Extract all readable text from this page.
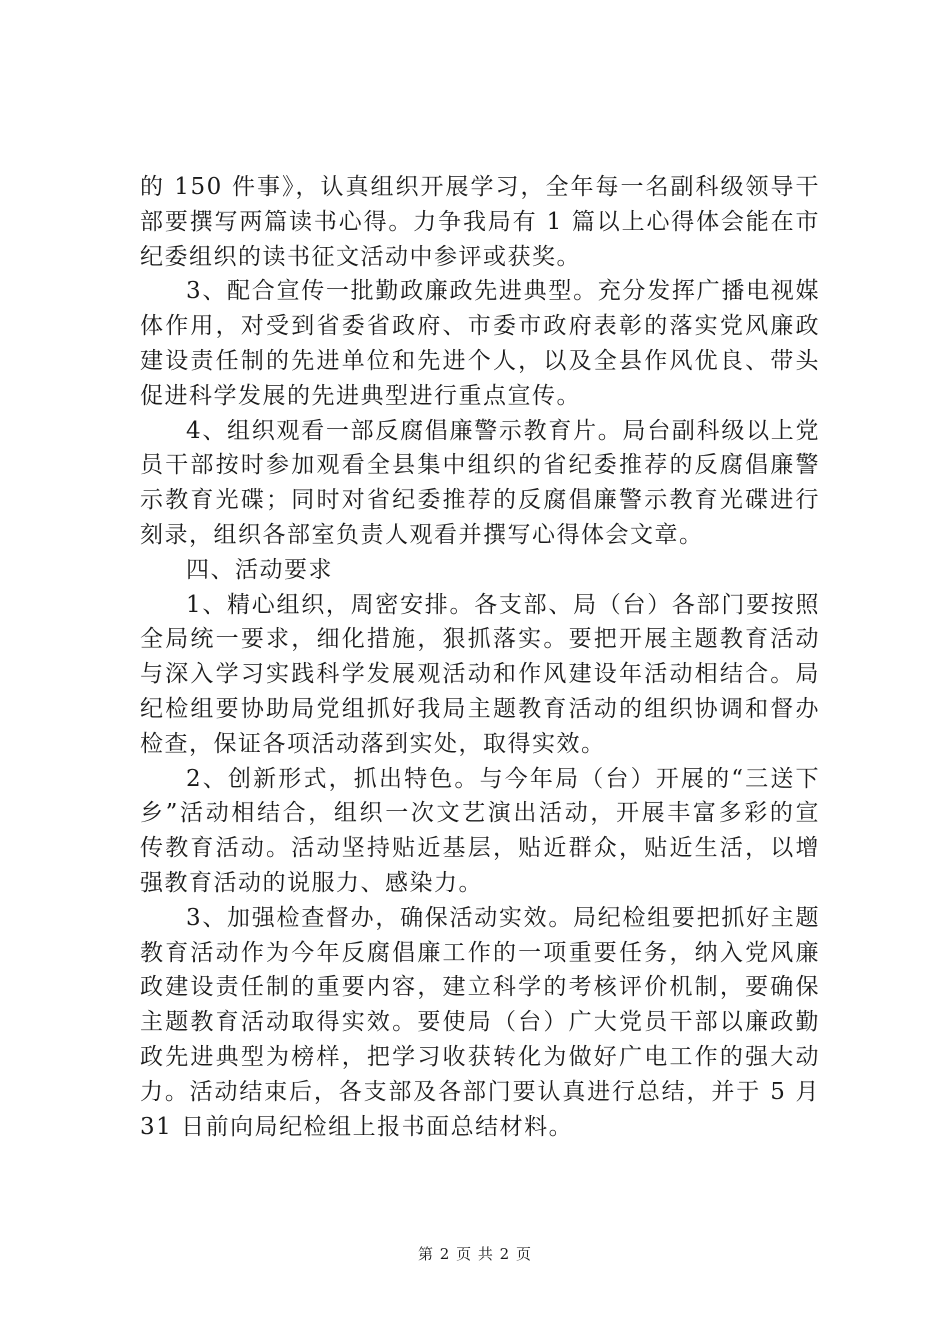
的 150 件事》，认真组织开展学习，全年每一名副科级领导干
部要撰写两篇读书心得。力争我局有 1 篇以上心得体会能在市
纪委组织的读书征文活动中参评或获奖。
3、配合宣传一批勤政廉政先进典型。充分发挥广播电视媒
体作用，对受到省委省政府、市委市政府表彰的落实党风廉政
建设责任制的先进单位和先进个人，以及全县作风优良、带头
促进科学发展的先进典型进行重点宣传。
4、组织观看一部反腐倡廉警示教育片。局台副科级以上党
员干部按时参加观看全县集中组织的省纪委推荐的反腐倡廉警
示教育光碟；同时对省纪委推荐的反腐倡廉警示教育光碟进行
刻录，组织各部室负责人观看并撰写心得体会文章。
四、活动要求
1、精心组织，周密安排。各支部、局（台）各部门要按照
全局统一要求，细化措施，狠抓落实。要把开展主题教育活动
与深入学习实践科学发展观活动和作风建设年活动相结合。局
纪检组要协助局党组抓好我局主题教育活动的组织协调和督办
检查，保证各项活动落到实处，取得实效。
2、创新形式，抓出特色。与今年局（台）开展的“三送下
乡”活动相结合，组织一次文艺演出活动，开展丰富多彩的宣
传教育活动。活动坚持贴近基层，贴近群众，贴近生活，以增
强教育活动的说服力、感染力。
3、加强检查督办，确保活动实效。局纪检组要把抓好主题
教育活动作为今年反腐倡廉工作的一项重要任务，纳入党风廉
政建设责任制的重要内容，建立科学的考核评价机制，要确保
主题教育活动取得实效。要使局（台）广大党员干部以廉政勤
政先进典型为榜样，把学习收获转化为做好广电工作的强大动
力。活动结束后，各支部及各部门要认真进行总结，并于 5 月
31 日前向局纪检组上报书面总结材料。
第 2 页 共 2 页
